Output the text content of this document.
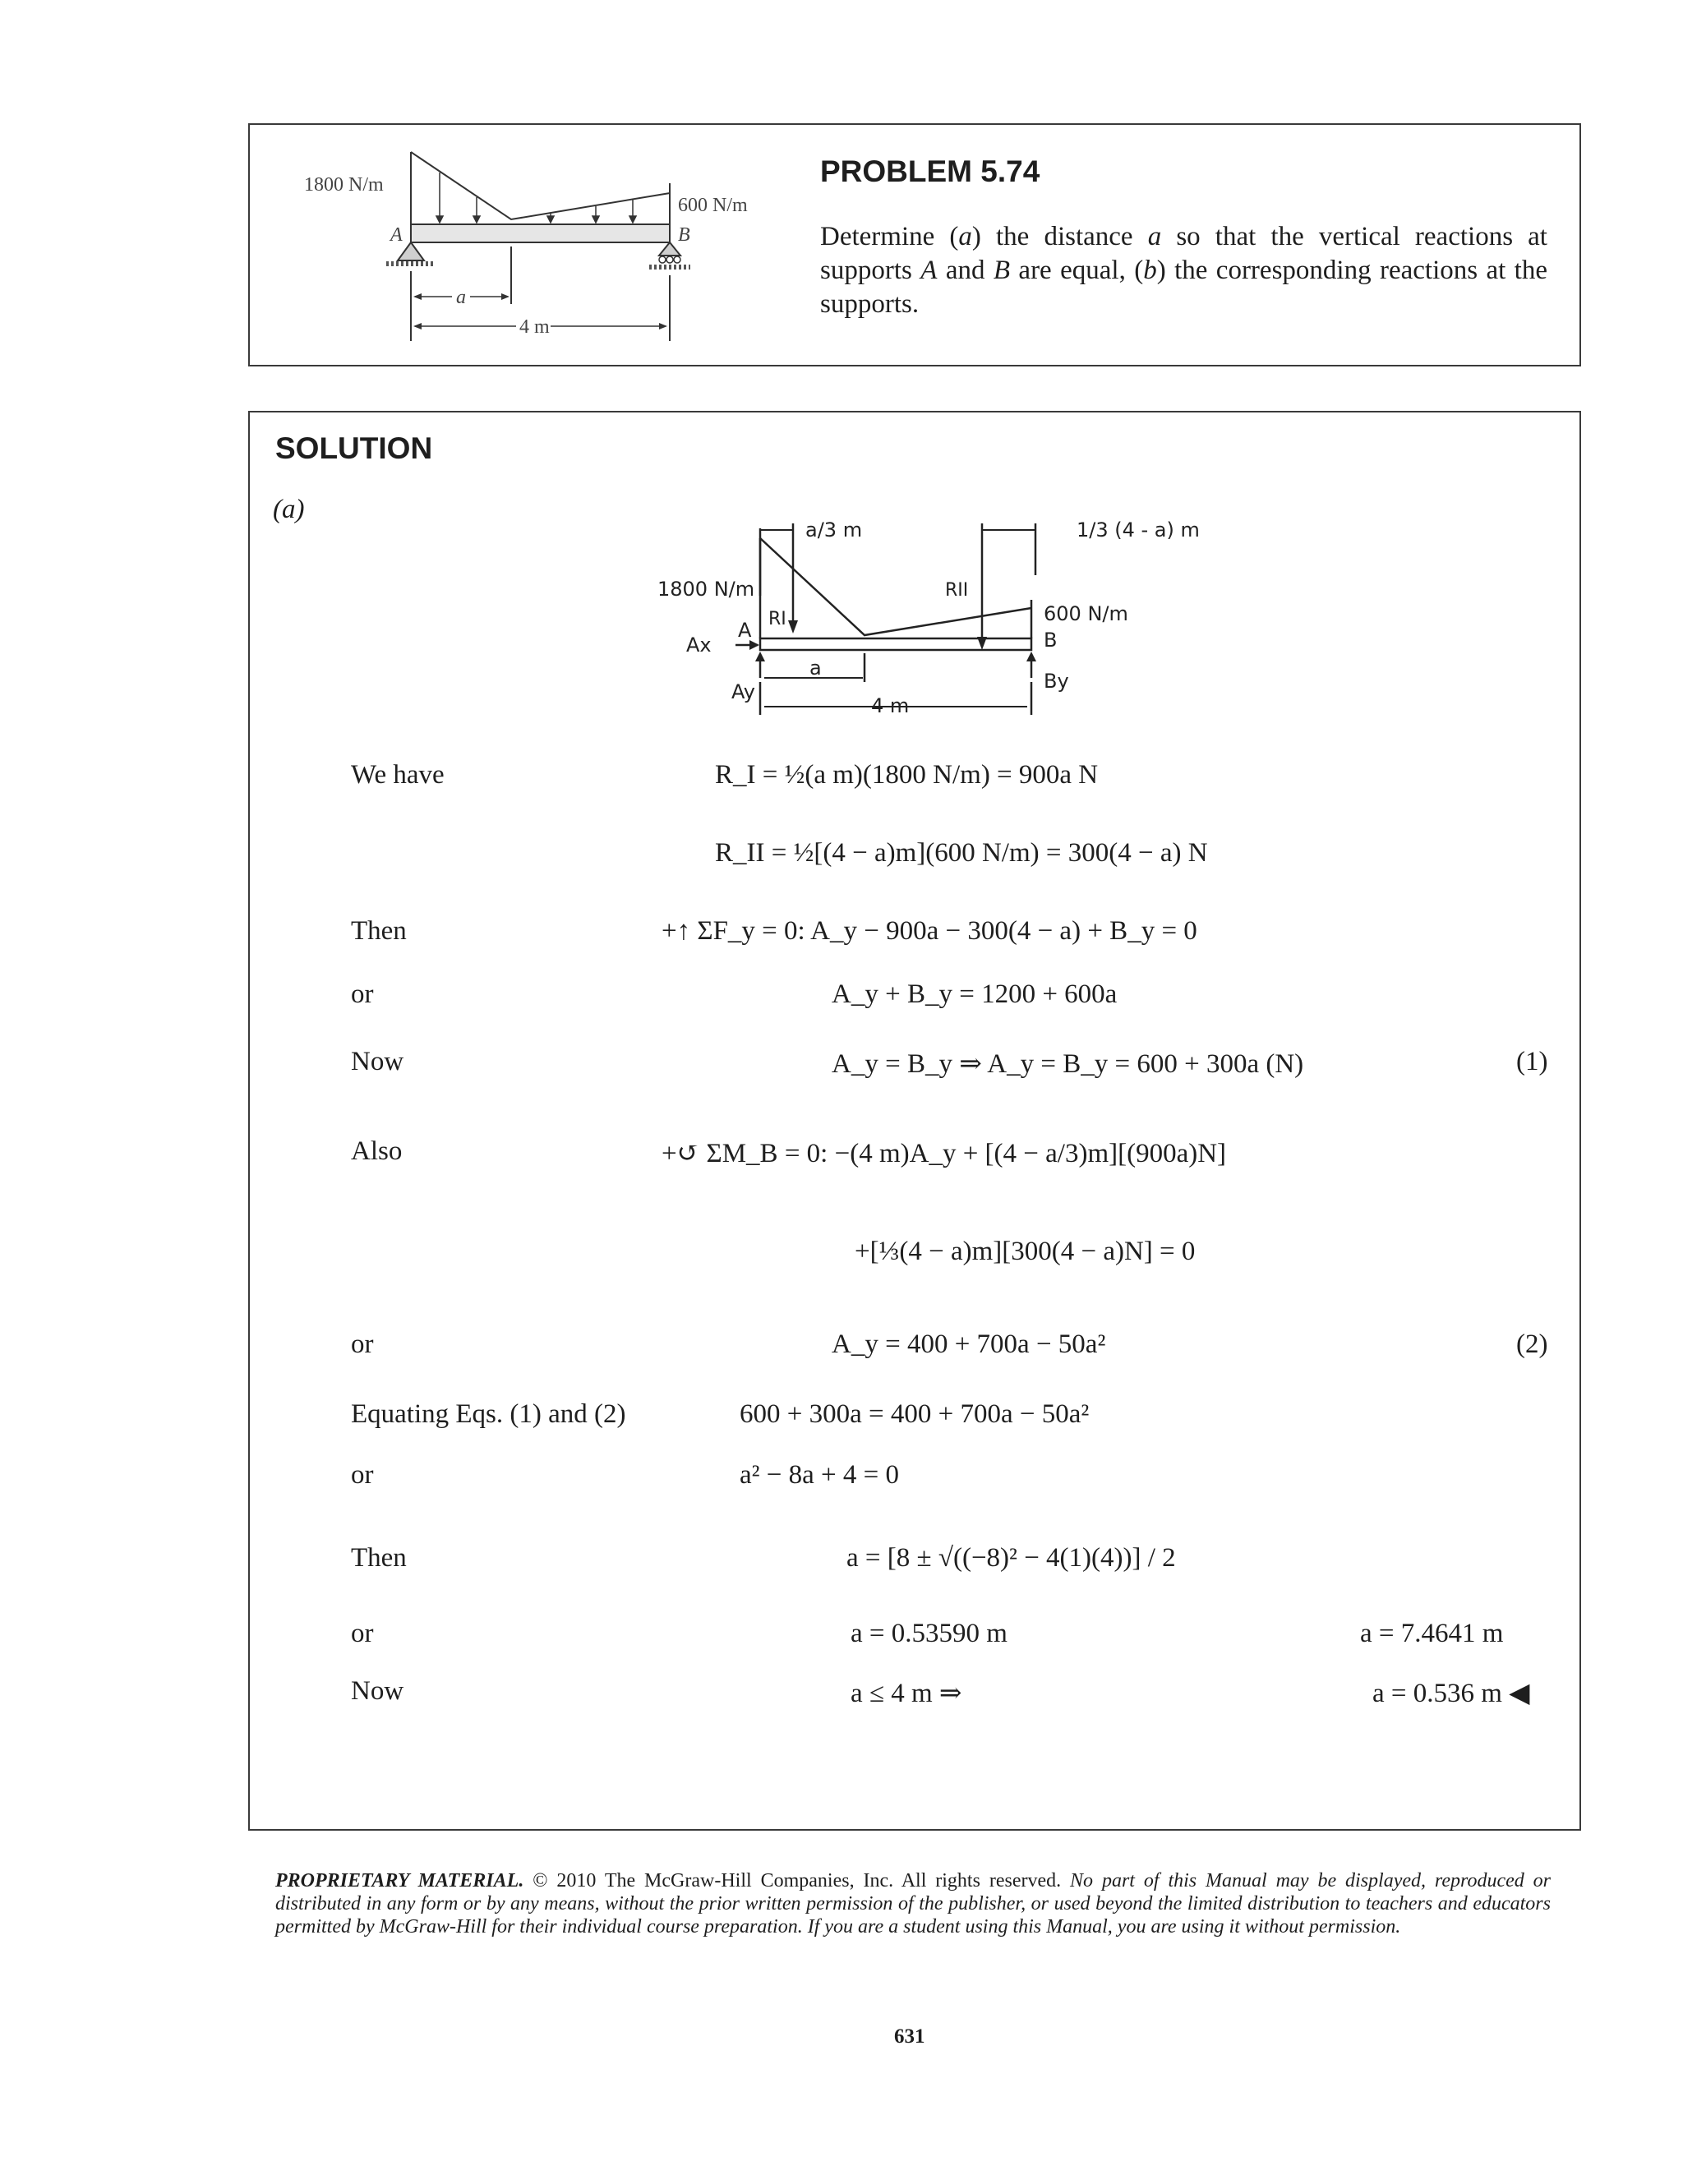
1800 N/m
600 N/m
A	B
a
4 m
PROBLEM 5.74
Determine (a) the distance a so that the vertical reactions at supports A and B are equal, (b) the corresponding reactions at the supports.
SOLUTION
(a)
a/3 m	1/3 (4 - a) m
1800 N/m
600 N/m
RI
RII
Ax
A
Ay
B
By
a
4 m
We have	R_I = ½(a m)(1800 N/m) = 900a N
R_II = ½[(4 − a)m](600 N/m) = 300(4 − a) N
Then	+↑ ΣF_y = 0: A_y − 900a − 300(4 − a) + B_y = 0
or	A_y + B_y = 1200 + 600a
Now	A_y = B_y ⇒ A_y = B_y = 600 + 300a (N)	(1)
Also	+↺ ΣM_B = 0: −(4 m)A_y + [(4 − a/3)m][(900a)N]
+[⅓(4 − a)m][300(4 − a)N] = 0
or	A_y = 400 + 700a − 50a²	(2)
Equating Eqs. (1) and (2)	600 + 300a = 400 + 700a − 50a²
or	a² − 8a + 4 = 0
Then	a = [8 ± √((−8)² − 4(1)(4))] / 2
or	a = 0.53590 m	a = 7.4641 m
Now	a ≤ 4 m ⇒	a = 0.536 m ◀
PROPRIETARY MATERIAL. © 2010 The McGraw-Hill Companies, Inc. All rights reserved. No part of this Manual may be displayed, reproduced or distributed in any form or by any means, without the prior written permission of the publisher, or used beyond the limited distribution to teachers and educators permitted by McGraw-Hill for their individual course preparation. If you are a student using this Manual, you are using it without permission.
631
